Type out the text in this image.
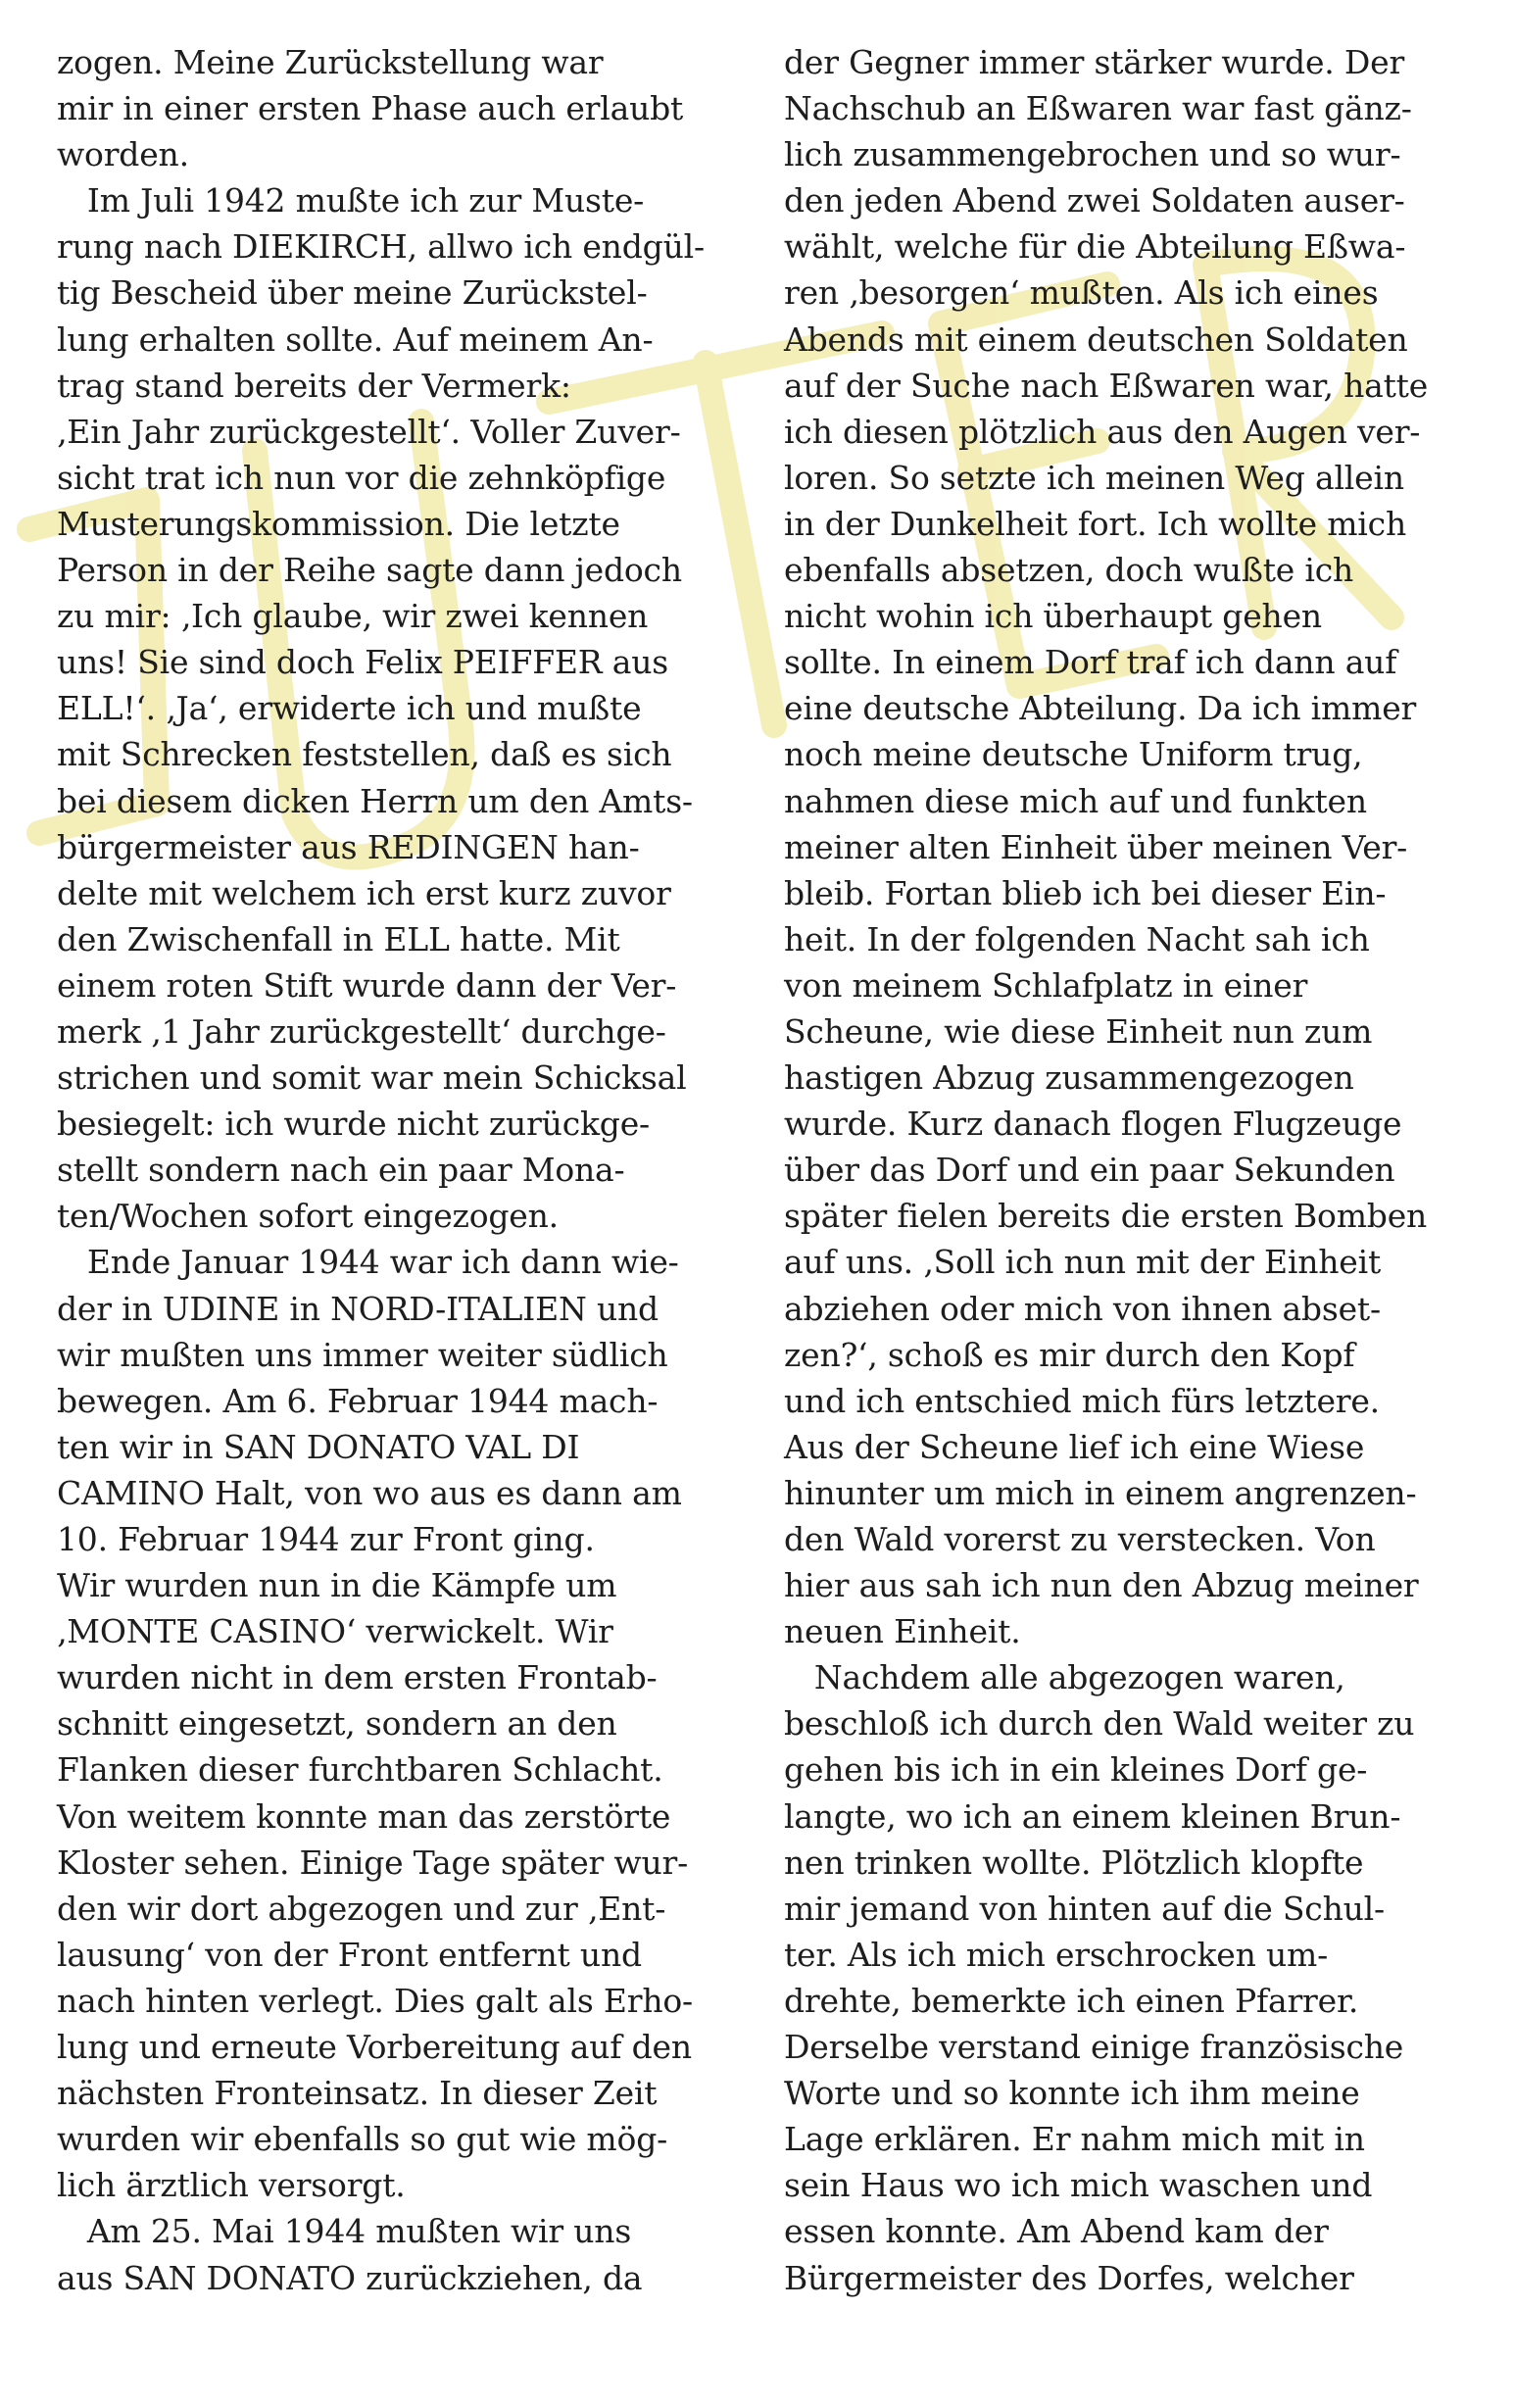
zogen. Meine Zurückstellung war
mir in einer ersten Phase auch erlaubt
worden.
Im Juli 1942 mußte ich zur Muste-
rung nach DIEKIRCH, allwo ich endgül-
tig Bescheid über meine Zurückstel-
lung erhalten sollte. Auf meinem An-
trag stand bereits der Vermerk:
‚Ein Jahr zurückgestellt‘. Voller Zuver-
sicht trat ich nun vor die zehnköpfige
Musterungskommission. Die letzte
Person in der Reihe sagte dann jedoch
zu mir: ‚Ich glaube, wir zwei kennen
uns! Sie sind doch Felix PEIFFER aus
ELL!‘. ‚Ja‘, erwiderte ich und mußte
mit Schrecken feststellen, daß es sich
bei diesem dicken Herrn um den Amts-
bürgermeister aus REDINGEN han-
delte mit welchem ich erst kurz zuvor
den Zwischenfall in ELL hatte. Mit
einem roten Stift wurde dann der Ver-
merk ‚1 Jahr zurückgestellt‘ durchge-
strichen und somit war mein Schicksal
besiegelt: ich wurde nicht zurückge-
stellt sondern nach ein paar Mona-
ten/Wochen sofort eingezogen.
Ende Januar 1944 war ich dann wie-
der in UDINE in NORD-ITALIEN und
wir mußten uns immer weiter südlich
bewegen. Am 6. Februar 1944 mach-
ten wir in SAN DONATO VAL DI
CAMINO Halt, von wo aus es dann am
10. Februar 1944 zur Front ging.
Wir wurden nun in die Kämpfe um
‚MONTE CASINO‘ verwickelt. Wir
wurden nicht in dem ersten Frontab-
schnitt eingesetzt, sondern an den
Flanken dieser furchtbaren Schlacht.
Von weitem konnte man das zerstörte
Kloster sehen. Einige Tage später wur-
den wir dort abgezogen und zur ‚Ent-
lausung‘ von der Front entfernt und
nach hinten verlegt. Dies galt als Erho-
lung und erneute Vorbereitung auf den
nächsten Fronteinsatz. In dieser Zeit
wurden wir ebenfalls so gut wie mög-
lich ärztlich versorgt.
Am 25. Mai 1944 mußten wir uns
aus SAN DONATO zurückziehen, da
der Gegner immer stärker wurde. Der
Nachschub an Eßwaren war fast gänz-
lich zusammengebrochen und so wur-
den jeden Abend zwei Soldaten auser-
wählt, welche für die Abteilung Eßwa-
ren ‚besorgen‘ mußten. Als ich eines
Abends mit einem deutschen Soldaten
auf der Suche nach Eßwaren war, hatte
ich diesen plötzlich aus den Augen ver-
loren. So setzte ich meinen Weg allein
in der Dunkelheit fort. Ich wollte mich
ebenfalls absetzen, doch wußte ich
nicht wohin ich überhaupt gehen
sollte. In einem Dorf traf ich dann auf
eine deutsche Abteilung. Da ich immer
noch meine deutsche Uniform trug,
nahmen diese mich auf und funkten
meiner alten Einheit über meinen Ver-
bleib. Fortan blieb ich bei dieser Ein-
heit. In der folgenden Nacht sah ich
von meinem Schlafplatz in einer
Scheune, wie diese Einheit nun zum
hastigen Abzug zusammengezogen
wurde. Kurz danach flogen Flugzeuge
über das Dorf und ein paar Sekunden
später fielen bereits die ersten Bomben
auf uns. ‚Soll ich nun mit der Einheit
abziehen oder mich von ihnen abset-
zen?‘, schoß es mir durch den Kopf
und ich entschied mich fürs letztere.
Aus der Scheune lief ich eine Wiese
hinunter um mich in einem angrenzen-
den Wald vorerst zu verstecken. Von
hier aus sah ich nun den Abzug meiner
neuen Einheit.
Nachdem alle abgezogen waren,
beschloß ich durch den Wald weiter zu
gehen bis ich in ein kleines Dorf ge-
langte, wo ich an einem kleinen Brun-
nen trinken wollte. Plötzlich klopfte
mir jemand von hinten auf die Schul-
ter. Als ich mich erschrocken um-
drehte, bemerkte ich einen Pfarrer.
Derselbe verstand einige französische
Worte und so konnte ich ihm meine
Lage erklären. Er nahm mich mit in
sein Haus wo ich mich waschen und
essen konnte. Am Abend kam der
Bürgermeister des Dorfes, welcher
